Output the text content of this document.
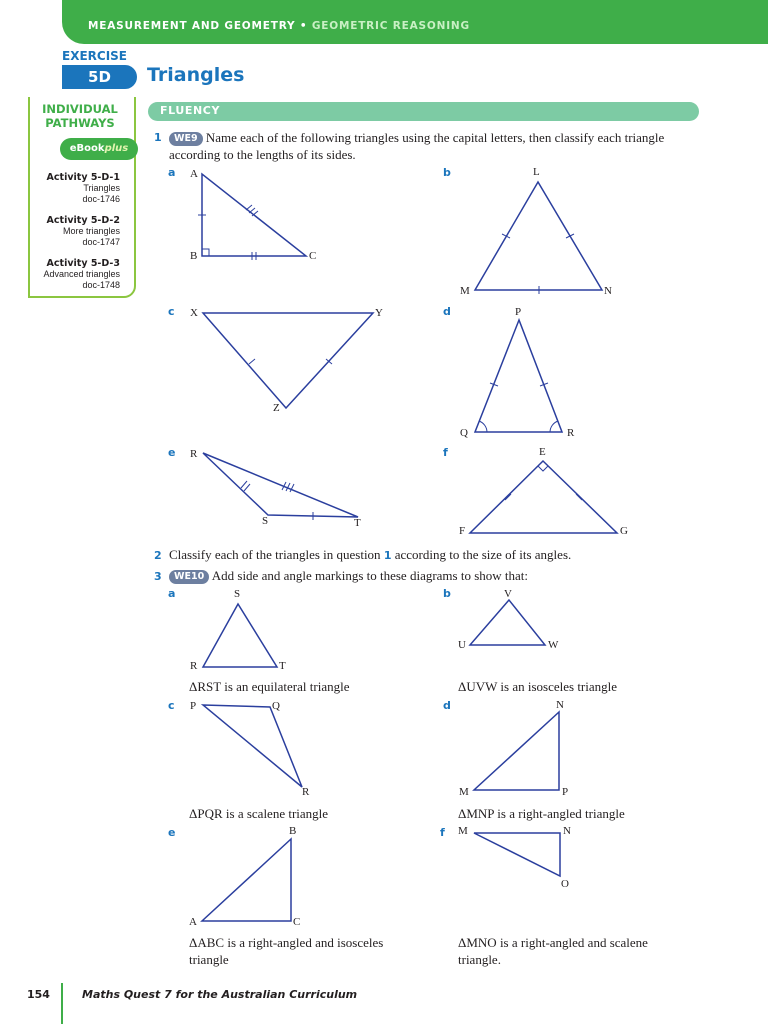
MEASUREMENT AND GEOMETRY • GEOMETRIC REASONING
EXERCISE
5D	Triangles
INDIVIDUAL
PATHWAYS
eBookplus
Activity 5-D-1
Triangles
doc-1746
Activity 5-D-2
More triangles
doc-1747
Activity 5-D-3
Advanced triangles
doc-1748
FLUENCY
1	WE9 Name each of the following triangles using the capital letters, then classify each triangle
according to the lengths of its sides.
a	b
c	d
e	f
A
B	C
L
M	N
X	Y
Z
P
Q	R
R
S	T
E
F	G
2 Classify each of the triangles in question 1 according to the size of its angles.
3	WE10 Add side and angle markings to these diagrams to show that:
a	b
c	d
e	f
S
R	T
V
U	W
P	Q
R
N
M	P
B
A	C
M	N
O
ΔRST is an equilateral triangle	ΔUVW is an isosceles triangle
ΔPQR is a scalene triangle	ΔMNP is a right-angled triangle
ΔABC is a right-angled and isosceles
triangle
ΔMNO is a right-angled and scalene
triangle.
154	Maths Quest 7 for the Australian Curriculum
